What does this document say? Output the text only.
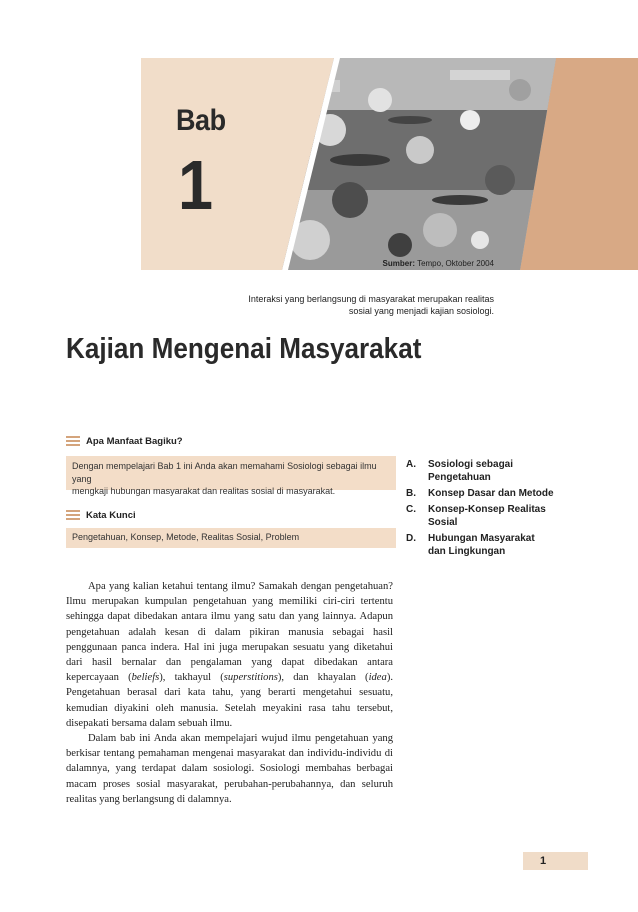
Bab
1
Sumber: Tempo, Oktober 2004
Interaksi yang berlangsung di masyarakat merupakan realitas
sosial yang menjadi kajian sosiologi.
Kajian Mengenai Masyarakat
Apa Manfaat Bagiku?
Dengan mempelajari Bab 1 ini Anda akan memahami Sosiologi sebagai ilmu yang
mengkaji hubungan masyarakat dan realitas sosial di masyarakat.
Kata Kunci
Pengetahuan, Konsep, Metode, Realitas Sosial, Problem
A.	Sosiologi sebagai Pengetahuan
B.	Konsep Dasar dan Metode
C.	Konsep-Konsep Realitas Sosial
D.	Hubungan Masyarakat dan Lingkungan

Apa yang kalian ketahui tentang ilmu? Samakah dengan pengetahuan? Ilmu merupakan kumpulan pengetahuan yang memiliki ciri-ciri tertentu sehingga dapat dibedakan antara ilmu yang satu dan yang lainnya. Adapun pengetahuan adalah kesan di dalam pikiran manusia sebagai hasil penggunaan panca indera. Hal ini juga merupakan sesuatu yang diketahui dari hasil bernalar dan pengalaman yang dapat dibedakan antara kepercayaan (beliefs), takhayul (superstitions), dan khayalan (idea). Pengetahuan berasal dari kata tahu, yang berarti mengetahui sesuatu, kemudian diyakini oleh manusia. Setelah meyakini rasa tahu tersebut, disepakati bersama dalam sebuah ilmu.

Dalam bab ini Anda akan mempelajari wujud ilmu pengetahuan yang berkisar tentang pemahaman mengenai masyarakat dan individu-individu di dalamnya, yang terdapat dalam sosiologi. Sosiologi membahas berbagai macam proses sosial masyarakat, perubahan-perubahannya, dan seluruh realitas yang berlangsung di dalamnya.

1
